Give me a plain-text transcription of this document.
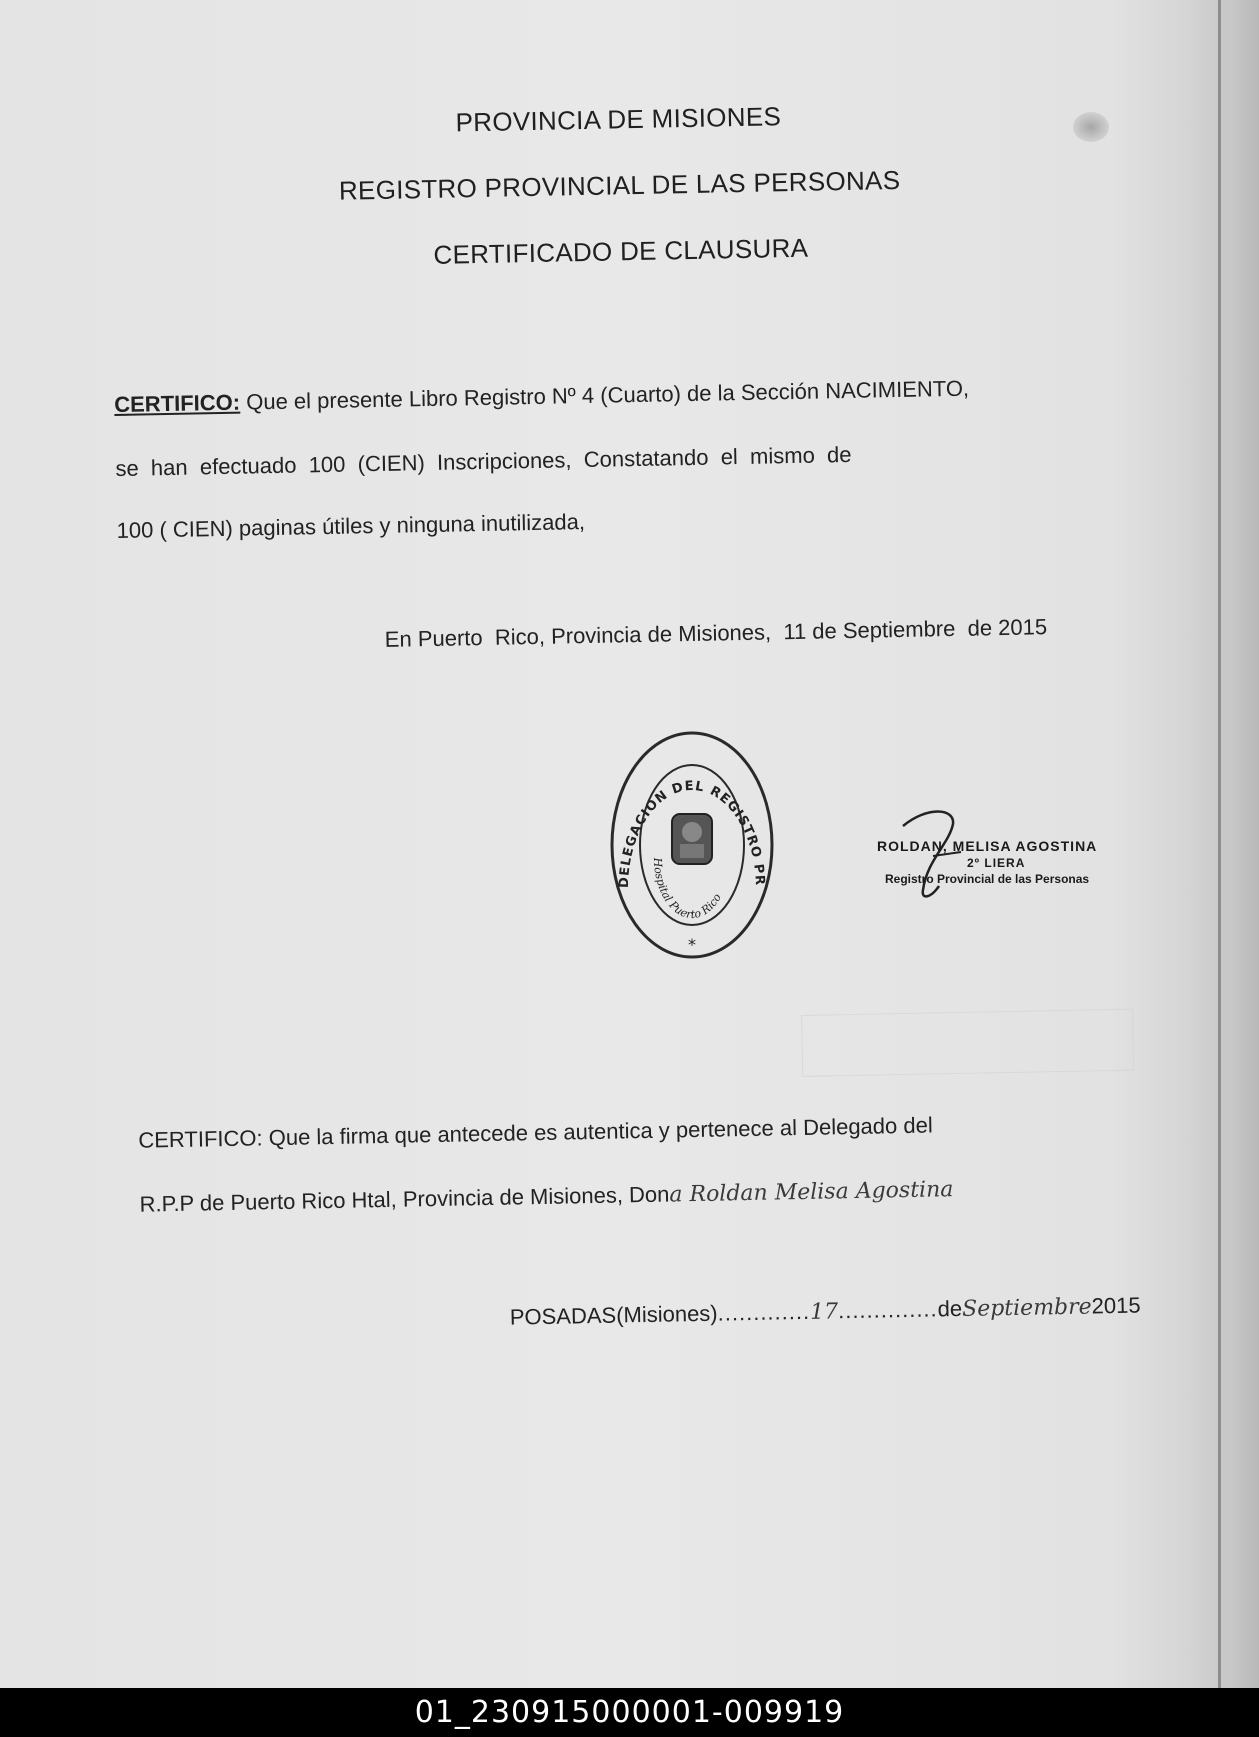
PROVINCIA DE MISIONES
REGISTRO PROVINCIAL DE LAS PERSONAS
CERTIFICADO DE CLAUSURA
CERTIFICO: Que el presente Libro Registro Nº 4 (Cuarto) de la Sección NACIMIENTO,
se  han  efectuado  100  (CIEN)  Inscripciones,  Constatando  el  mismo  de
100 ( CIEN) paginas útiles y ninguna inutilizada,
En Puerto  Rico, Provincia de Misiones,  11 de Septiembre  de 2015
CERTIFICO: Que la firma que antecede es autentica y pertenece al Delegado del
R.P.P de Puerto Rico Htal, Provincia de Misiones, Dona Roldan Melisa Agostina
POSADAS(Misiones).............17..............deSeptiembre2015
DELEGACION DEL REGISTRO PR
Hospital Puerto Rico
*
ROLDAN, MELISA AGOSTINA
2º LIERA
Registro Provincial de las Personas
01_230915000001-009919
